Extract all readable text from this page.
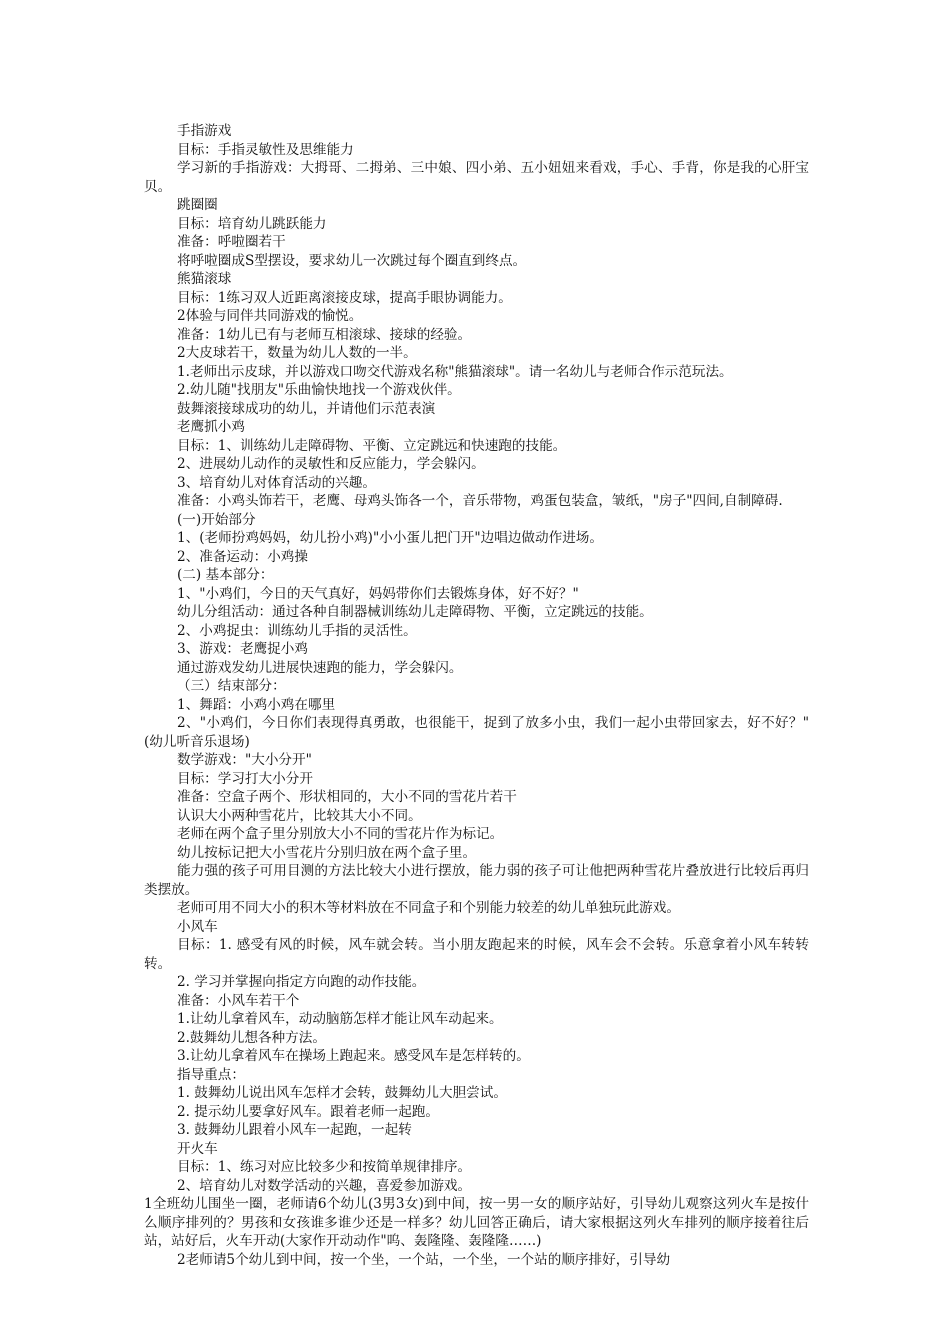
手指游戏

目标：手指灵敏性及思维能力

学习新的手指游戏：大拇哥、二拇弟、三中娘、四小弟、五小妞妞来看戏，手心、手背，你是我的心肝宝贝。

跳圈圈

目标：培育幼儿跳跃能力

准备：呼啦圈若干

将呼啦圈成S型摆设，要求幼儿一次跳过每个圈直到终点。

熊猫滚球

目标：1练习双人近距离滚接皮球，提高手眼协调能力。

2体验与同伴共同游戏的愉悦。

准备：1幼儿已有与老师互相滚球、接球的经验。

2大皮球若干，数量为幼儿人数的一半。

1.老师出示皮球，并以游戏口吻交代游戏名称"熊猫滚球"。请一名幼儿与老师合作示范玩法。

2.幼儿随"找朋友"乐曲愉快地找一个游戏伙伴。

鼓舞滚接球成功的幼儿，并请他们示范表演

老鹰抓小鸡

目标：1、训练幼儿走障碍物、平衡、立定跳远和快速跑的技能。

2、进展幼儿动作的灵敏性和反应能力，学会躲闪。

3、培育幼儿对体育活动的兴趣。

准备：小鸡头饰若干，老鹰、母鸡头饰各一个，音乐带物，鸡蛋包装盒，皱纸，"房子"四间,自制障碍.

(一)开始部分

1、(老师扮鸡妈妈，幼儿扮小鸡)"小小蛋儿把门开"边唱边做动作进场。

2、准备运动：小鸡操

(二) 基本部分：

1、"小鸡们，今日的天气真好，妈妈带你们去锻炼身体，好不好？"

幼儿分组活动：通过各种自制器械训练幼儿走障碍物、平衡，立定跳远的技能。

2、小鸡捉虫：训练幼儿手指的灵活性。

3、游戏：老鹰捉小鸡

通过游戏发幼儿进展快速跑的能力，学会躲闪。

（三）结束部分：

1、舞蹈：小鸡小鸡在哪里

2、"小鸡们，今日你们表现得真勇敢，也很能干，捉到了放多小虫，我们一起小虫带回家去，好不好？"(幼儿听音乐退场)

数学游戏："大小分开"

目标：学习打大小分开

准备：空盒子两个、形状相同的，大小不同的雪花片若干

认识大小两种雪花片，比较其大小不同。

老师在两个盒子里分别放大小不同的雪花片作为标记。

幼儿按标记把大小雪花片分别归放在两个盒子里。

能力强的孩子可用目测的方法比较大小进行摆放，能力弱的孩子可让他把两种雪花片叠放进行比较后再归类摆放。

老师可用不同大小的积木等材料放在不同盒子和个别能力较差的幼儿单独玩此游戏。

小风车

目标：1. 感受有风的时候，风车就会转。当小朋友跑起来的时候，风车会不会转。乐意拿着小风车转转转。

2. 学习并掌握向指定方向跑的动作技能。

准备：小风车若干个

1.让幼儿拿着风车，动动脑筋怎样才能让风车动起来。

2.鼓舞幼儿想各种方法。

3.让幼儿拿着风车在操场上跑起来。感受风车是怎样转的。

指导重点：

1. 鼓舞幼儿说出风车怎样才会转，鼓舞幼儿大胆尝试。

2. 提示幼儿要拿好风车。跟着老师一起跑。

3. 鼓舞幼儿跟着小风车一起跑，一起转

开火车

目标：1、练习对应比较多少和按简单规律排序。

2、培育幼儿对数学活动的兴趣，喜爱参加游戏。

1全班幼儿围坐一圈，老师请6个幼儿(3男3女)到中间，按一男一女的顺序站好，引导幼儿观察这列火车是按什么顺序排列的？男孩和女孩谁多谁少还是一样多？幼儿回答正确后，请大家根据这列火车排列的顺序接着往后站，站好后，火车开动(大家作开动动作"呜、轰隆隆、轰隆隆……)

2老师请5个幼儿到中间，按一个坐，一个站，一个坐，一个站的顺序排好，引导幼
